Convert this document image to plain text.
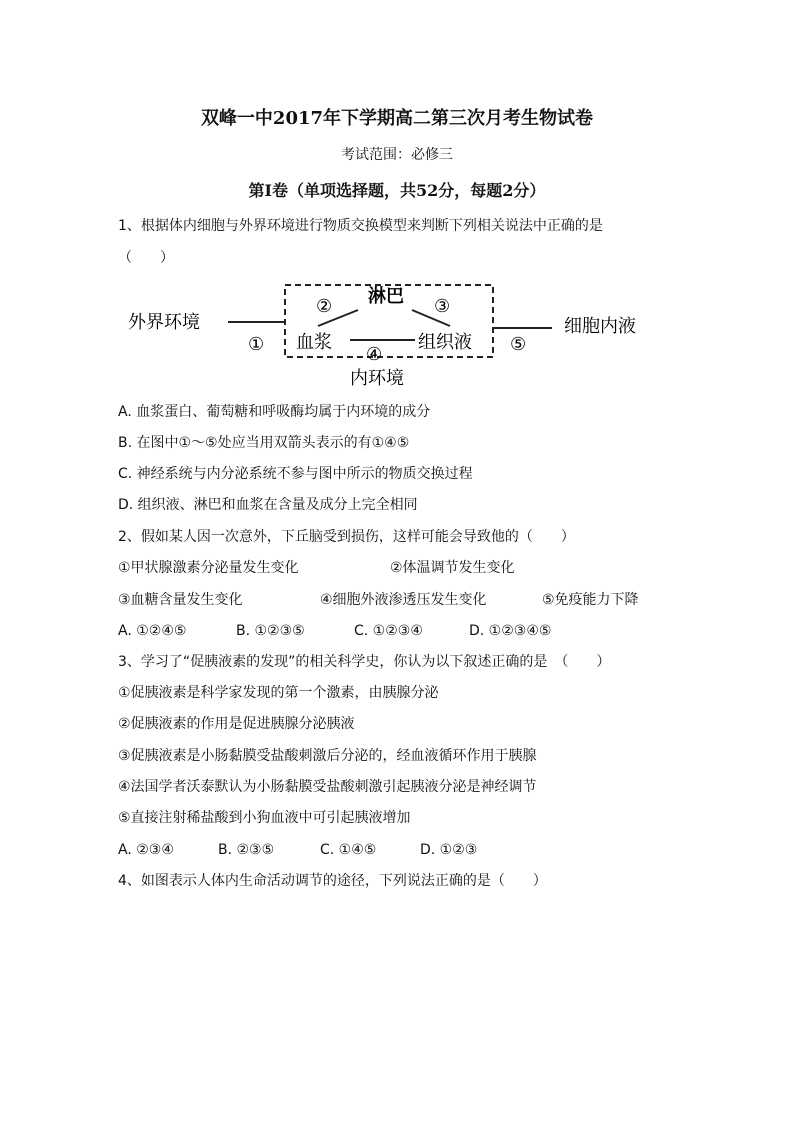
双峰一中2017年下学期高二第三次月考生物试卷
考试范围：必修三
第Ⅰ卷（单项选择题，共52分，每题2分）
1、根据体内细胞与外界环境进行物质交换模型来判断下列相关说法中正确的是
（　　）
外界环境
①
② 淋巴 ③
血浆
④
组织液 ⑤
细胞内液
内环境
A. 血浆蛋白、葡萄糖和呼吸酶均属于内环境的成分
B. 在图中①～⑤处应当用双箭头表示的有①④⑤
C. 神经系统与内分泌系统不参与图中所示的物质交换过程
D. 组织液、淋巴和血浆在含量及成分上完全相同
2、假如某人因一次意外，下丘脑受到损伤，这样可能会导致他的（　　）
①甲状腺激素分泌量发生变化	②体温调节发生变化
③血糖含量发生变化	④细胞外液渗透压发生变化	⑤免疫能力下降
A. ①②④⑤	B. ①②③⑤	C. ①②③④	D. ①②③④⑤
3、学习了“促胰液素的发现”的相关科学史，你认为以下叙述正确的是　（　　）
①促胰液素是科学家发现的第一个激素，由胰腺分泌
②促胰液素的作用是促进胰腺分泌胰液
③促胰液素是小肠黏膜受盐酸刺激后分泌的，经血液循环作用于胰腺
④法国学者沃泰默认为小肠黏膜受盐酸刺激引起胰液分泌是神经调节
⑤直接注射稀盐酸到小狗血液中可引起胰液增加
A. ②③④	B. ②③⑤	C. ①④⑤	D. ①②③
4、如图表示人体内生命活动调节的途径，下列说法正确的是（　　）
